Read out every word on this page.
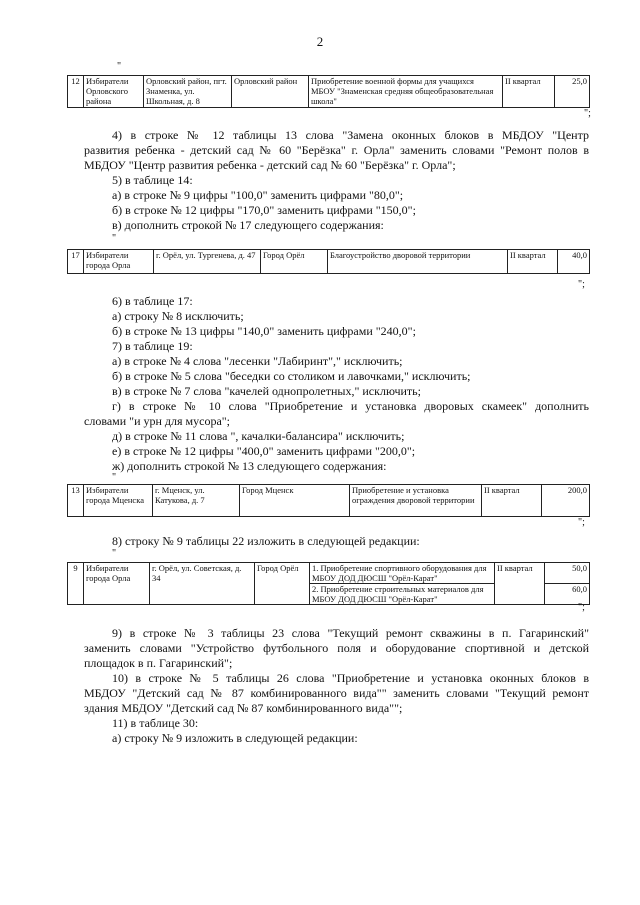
2
"
12	Избиратели Орловского района	Орловский район, пгт. Знаменка, ул. Школьная, д. 8	Орловский район	Приобретение военной формы для учащихся МБОУ "Знаменская средняя общеобразовательная школа"	II квартал	25,0
";
4) в строке № 12 таблицы 13 слова "Замена оконных блоков в МБДОУ "Центр
развития ребенка - детский сад № 60 "Берёзка" г. Орла" заменить словами "Ремонт полов в
МБДОУ "Центр развития ребенка - детский сад № 60 "Берёзка" г. Орла";
5) в таблице 14:
а) в строке № 9 цифры "100,0" заменить цифрами "80,0";
б) в строке № 12 цифры "170,0" заменить цифрами "150,0";
в) дополнить строкой № 17 следующего содержания:
"
17	Избиратели города Орла	г. Орёл, ул. Тургенева, д. 47	Город Орёл	Благоустройство дворовой территории	II квартал	40,0
";
6) в таблице 17:
а) строку № 8 исключить;
б) в строке № 13 цифры "140,0" заменить цифрами "240,0";
7) в таблице 19:
а) в строке № 4 слова "лесенки "Лабиринт"," исключить;
б) в строке № 5 слова "беседки со столиком и лавочками," исключить;
в) в строке № 7 слова "качелей однопролетных," исключить;
г) в строке № 10 слова "Приобретение и установка дворовых скамеек" дополнить
словами "и урн для мусора";
д) в строке № 11 слова ", качалки-балансира" исключить;
е) в строке № 12 цифры "400,0" заменить цифрами "200,0";
ж) дополнить строкой № 13 следующего содержания:
"
13	Избиратели города Мценска	г. Мценск, ул. Катукова, д. 7	Город Мценск	Приобретение и установка ограждения дворовой территории	II квартал	200,0
";
8) строку № 9 таблицы 22 изложить в следующей редакции:
"
9	Избиратели города Орла	г. Орёл, ул. Советская, д. 34	Город Орёл	1. Приобретение спортивного оборудования для МБОУ ДОД ДЮСШ "Орёл-Карат"	II квартал	50,0
				2. Приобретение строительных материалов для МБОУ ДОД ДЮСШ "Орёл-Карат"		60,0
";
9) в строке № 3 таблицы 23 слова "Текущий ремонт скважины в п. Гагаринский"
заменить словами "Устройство футбольного поля и оборудование спортивной и детской
площадок в п. Гагаринский";
10) в строке № 5 таблицы 26 слова "Приобретение и установка оконных блоков в
МБДОУ "Детский сад № 87 комбинированного вида"" заменить словами "Текущий ремонт
здания МБДОУ "Детский сад № 87 комбинированного вида"";
11) в таблице 30:
а) строку № 9 изложить в следующей редакции:
